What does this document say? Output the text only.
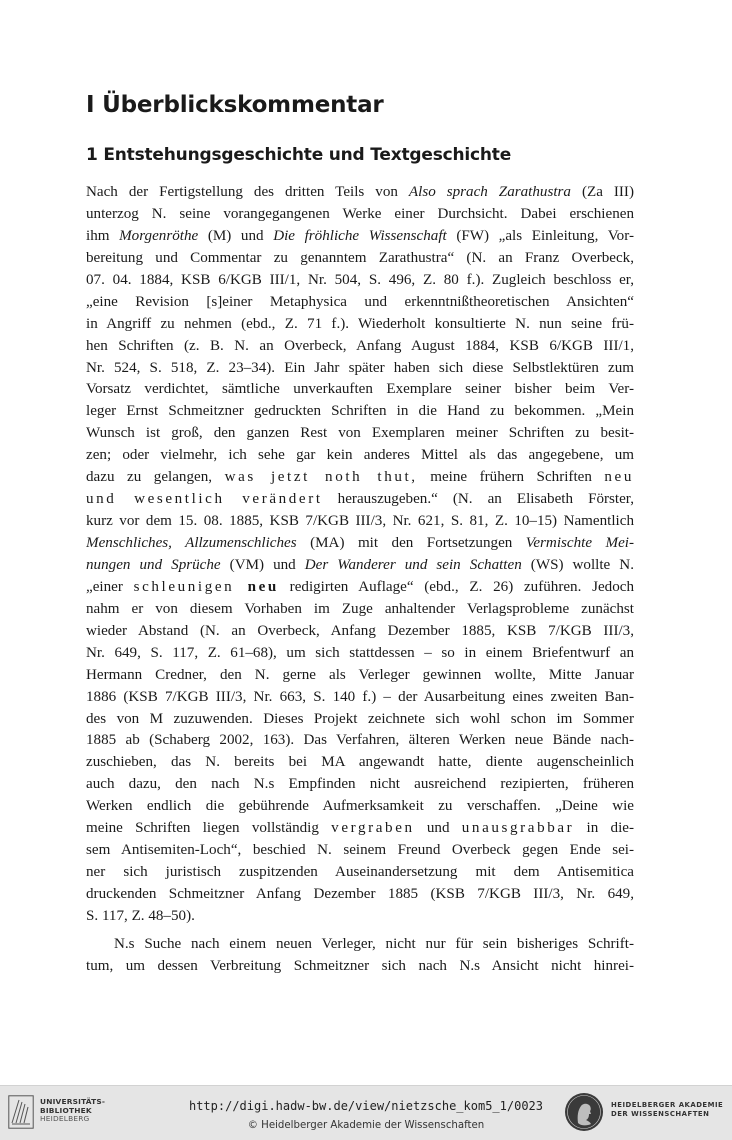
I Überblickskommentar
1 Entstehungsgeschichte und Textgeschichte
Nach der Fertigstellung des dritten Teils von Also sprach Zarathustra (Za III)
unterzog N. seine vorangegangenen Werke einer Durchsicht. Dabei erschienen
ihm Morgenröthe (M) und Die fröhliche Wissenschaft (FW) „als Einleitung, Vor-
bereitung und Commentar zu genanntem Zarathustra“ (N. an Franz Overbeck,
07. 04. 1884, KSB 6/KGB III/1, Nr. 504, S. 496, Z. 80 f.). Zugleich beschloss er,
„eine Revision [s]einer Metaphysica und erkenntnißtheoretischen Ansichten“
in Angriff zu nehmen (ebd., Z. 71 f.). Wiederholt konsultierte N. nun seine frü-
hen Schriften (z. B. N. an Overbeck, Anfang August 1884, KSB 6/KGB III/1,
Nr. 524, S. 518, Z. 23–34). Ein Jahr später haben sich diese Selbstlektüren zum
Vorsatz verdichtet, sämtliche unverkauften Exemplare seiner bisher beim Ver-
leger Ernst Schmeitzner gedruckten Schriften in die Hand zu bekommen. „Mein
Wunsch ist groß, den ganzen Rest von Exemplaren meiner Schriften zu besit-
zen; oder vielmehr, ich sehe gar kein anderes Mittel als das angegebene, um
dazu zu gelangen, was jetzt noth thut, meine frühern Schriften neu
und wesentlich verändert herauszugeben.“ (N. an Elisabeth Förster,
kurz vor dem 15. 08. 1885, KSB 7/KGB III/3, Nr. 621, S. 81, Z. 10–15) Namentlich
Menschliches, Allzumenschliches (MA) mit den Fortsetzungen Vermischte Mei-
nungen und Sprüche (VM) und Der Wanderer und sein Schatten (WS) wollte N.
„einer schleunigen neu redigirten Auflage“ (ebd., Z. 26) zuführen. Jedoch
nahm er von diesem Vorhaben im Zuge anhaltender Verlagsprobleme zunächst
wieder Abstand (N. an Overbeck, Anfang Dezember 1885, KSB 7/KGB III/3,
Nr. 649, S. 117, Z. 61–68), um sich stattdessen – so in einem Briefentwurf an
Hermann Credner, den N. gerne als Verleger gewinnen wollte, Mitte Januar
1886 (KSB 7/KGB III/3, Nr. 663, S. 140 f.) – der Ausarbeitung eines zweiten Ban-
des von M zuzuwenden. Dieses Projekt zeichnete sich wohl schon im Sommer
1885 ab (Schaberg 2002, 163). Das Verfahren, älteren Werken neue Bände nach-
zuschieben, das N. bereits bei MA angewandt hatte, diente augenscheinlich
auch dazu, den nach N.s Empfinden nicht ausreichend rezipierten, früheren
Werken endlich die gebührende Aufmerksamkeit zu verschaffen. „Deine wie
meine Schriften liegen vollständig vergraben und unausgrabbar in die-
sem Antisemiten-Loch“, beschied N. seinem Freund Overbeck gegen Ende sei-
ner sich juristisch zuspitzenden Auseinandersetzung mit dem Antisemitica
druckenden Schmeitzner Anfang Dezember 1885 (KSB 7/KGB III/3, Nr. 649,
S. 117, Z. 48–50).
N.s Suche nach einem neuen Verleger, nicht nur für sein bisheriges Schrift-
tum, um dessen Verbreitung Schmeitzner sich nach N.s Ansicht nicht hinrei-
UNIVERSITÄTS-
BIBLIOTHEK
HEIDELBERG
http://digi.hadw-bw.de/view/nietzsche_kom5_1/0023
© Heidelberger Akademie der Wissenschaften
HEIDELBERGER AKADEMIE
DER WISSENSCHAFTEN
